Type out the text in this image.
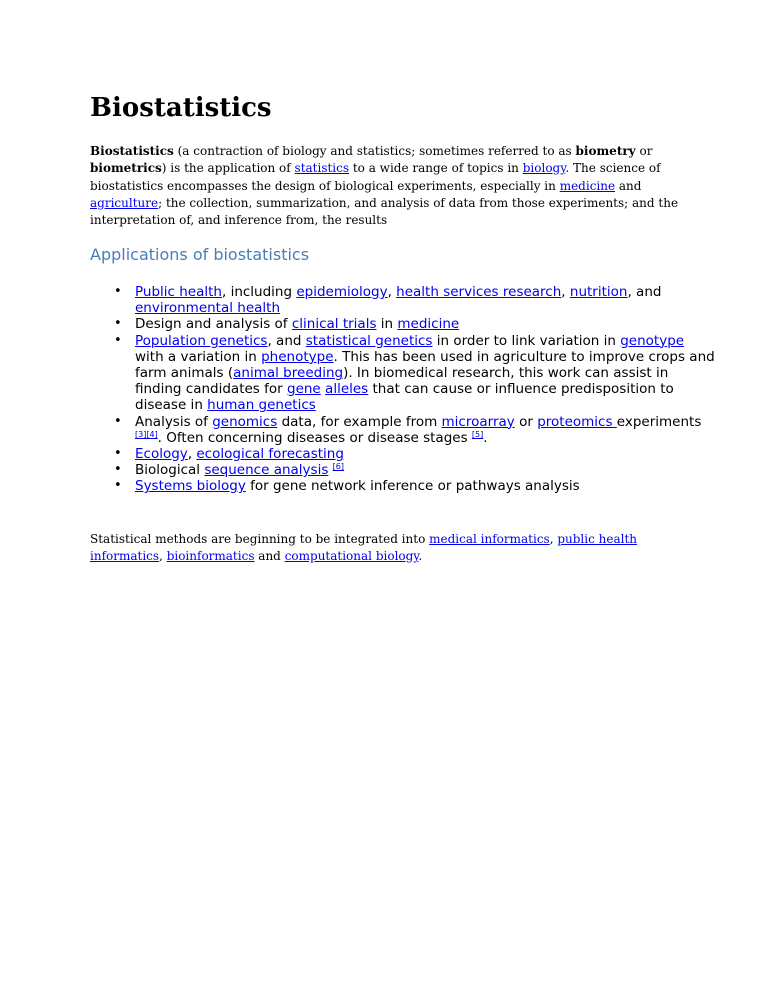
Biostatistics

Biostatistics (a contraction of biology and statistics; sometimes referred to as biometry or biometrics) is the application of statistics to a wide range of topics in biology. The science of biostatistics encompasses the design of biological experiments, especially in medicine and agriculture; the collection, summarization, and analysis of data from those experiments; and the interpretation of, and inference from, the results

Applications of biostatistics
• Public health, including epidemiology, health services research, nutrition, and environmental health
• Design and analysis of clinical trials in medicine
• Population genetics, and statistical genetics in order to link variation in genotype with a variation in phenotype. This has been used in agriculture to improve crops and farm animals (animal breeding). In biomedical research, this work can assist in finding candidates for gene alleles that can cause or influence predisposition to disease in human genetics
• Analysis of genomics data, for example from microarray or proteomics experiments [3][4]. Often concerning diseases or disease stages [5].
• Ecology, ecological forecasting
• Biological sequence analysis [6]
• Systems biology for gene network inference or pathways analysis

Statistical methods are beginning to be integrated into medical informatics, public health informatics, bioinformatics and computational biology.
